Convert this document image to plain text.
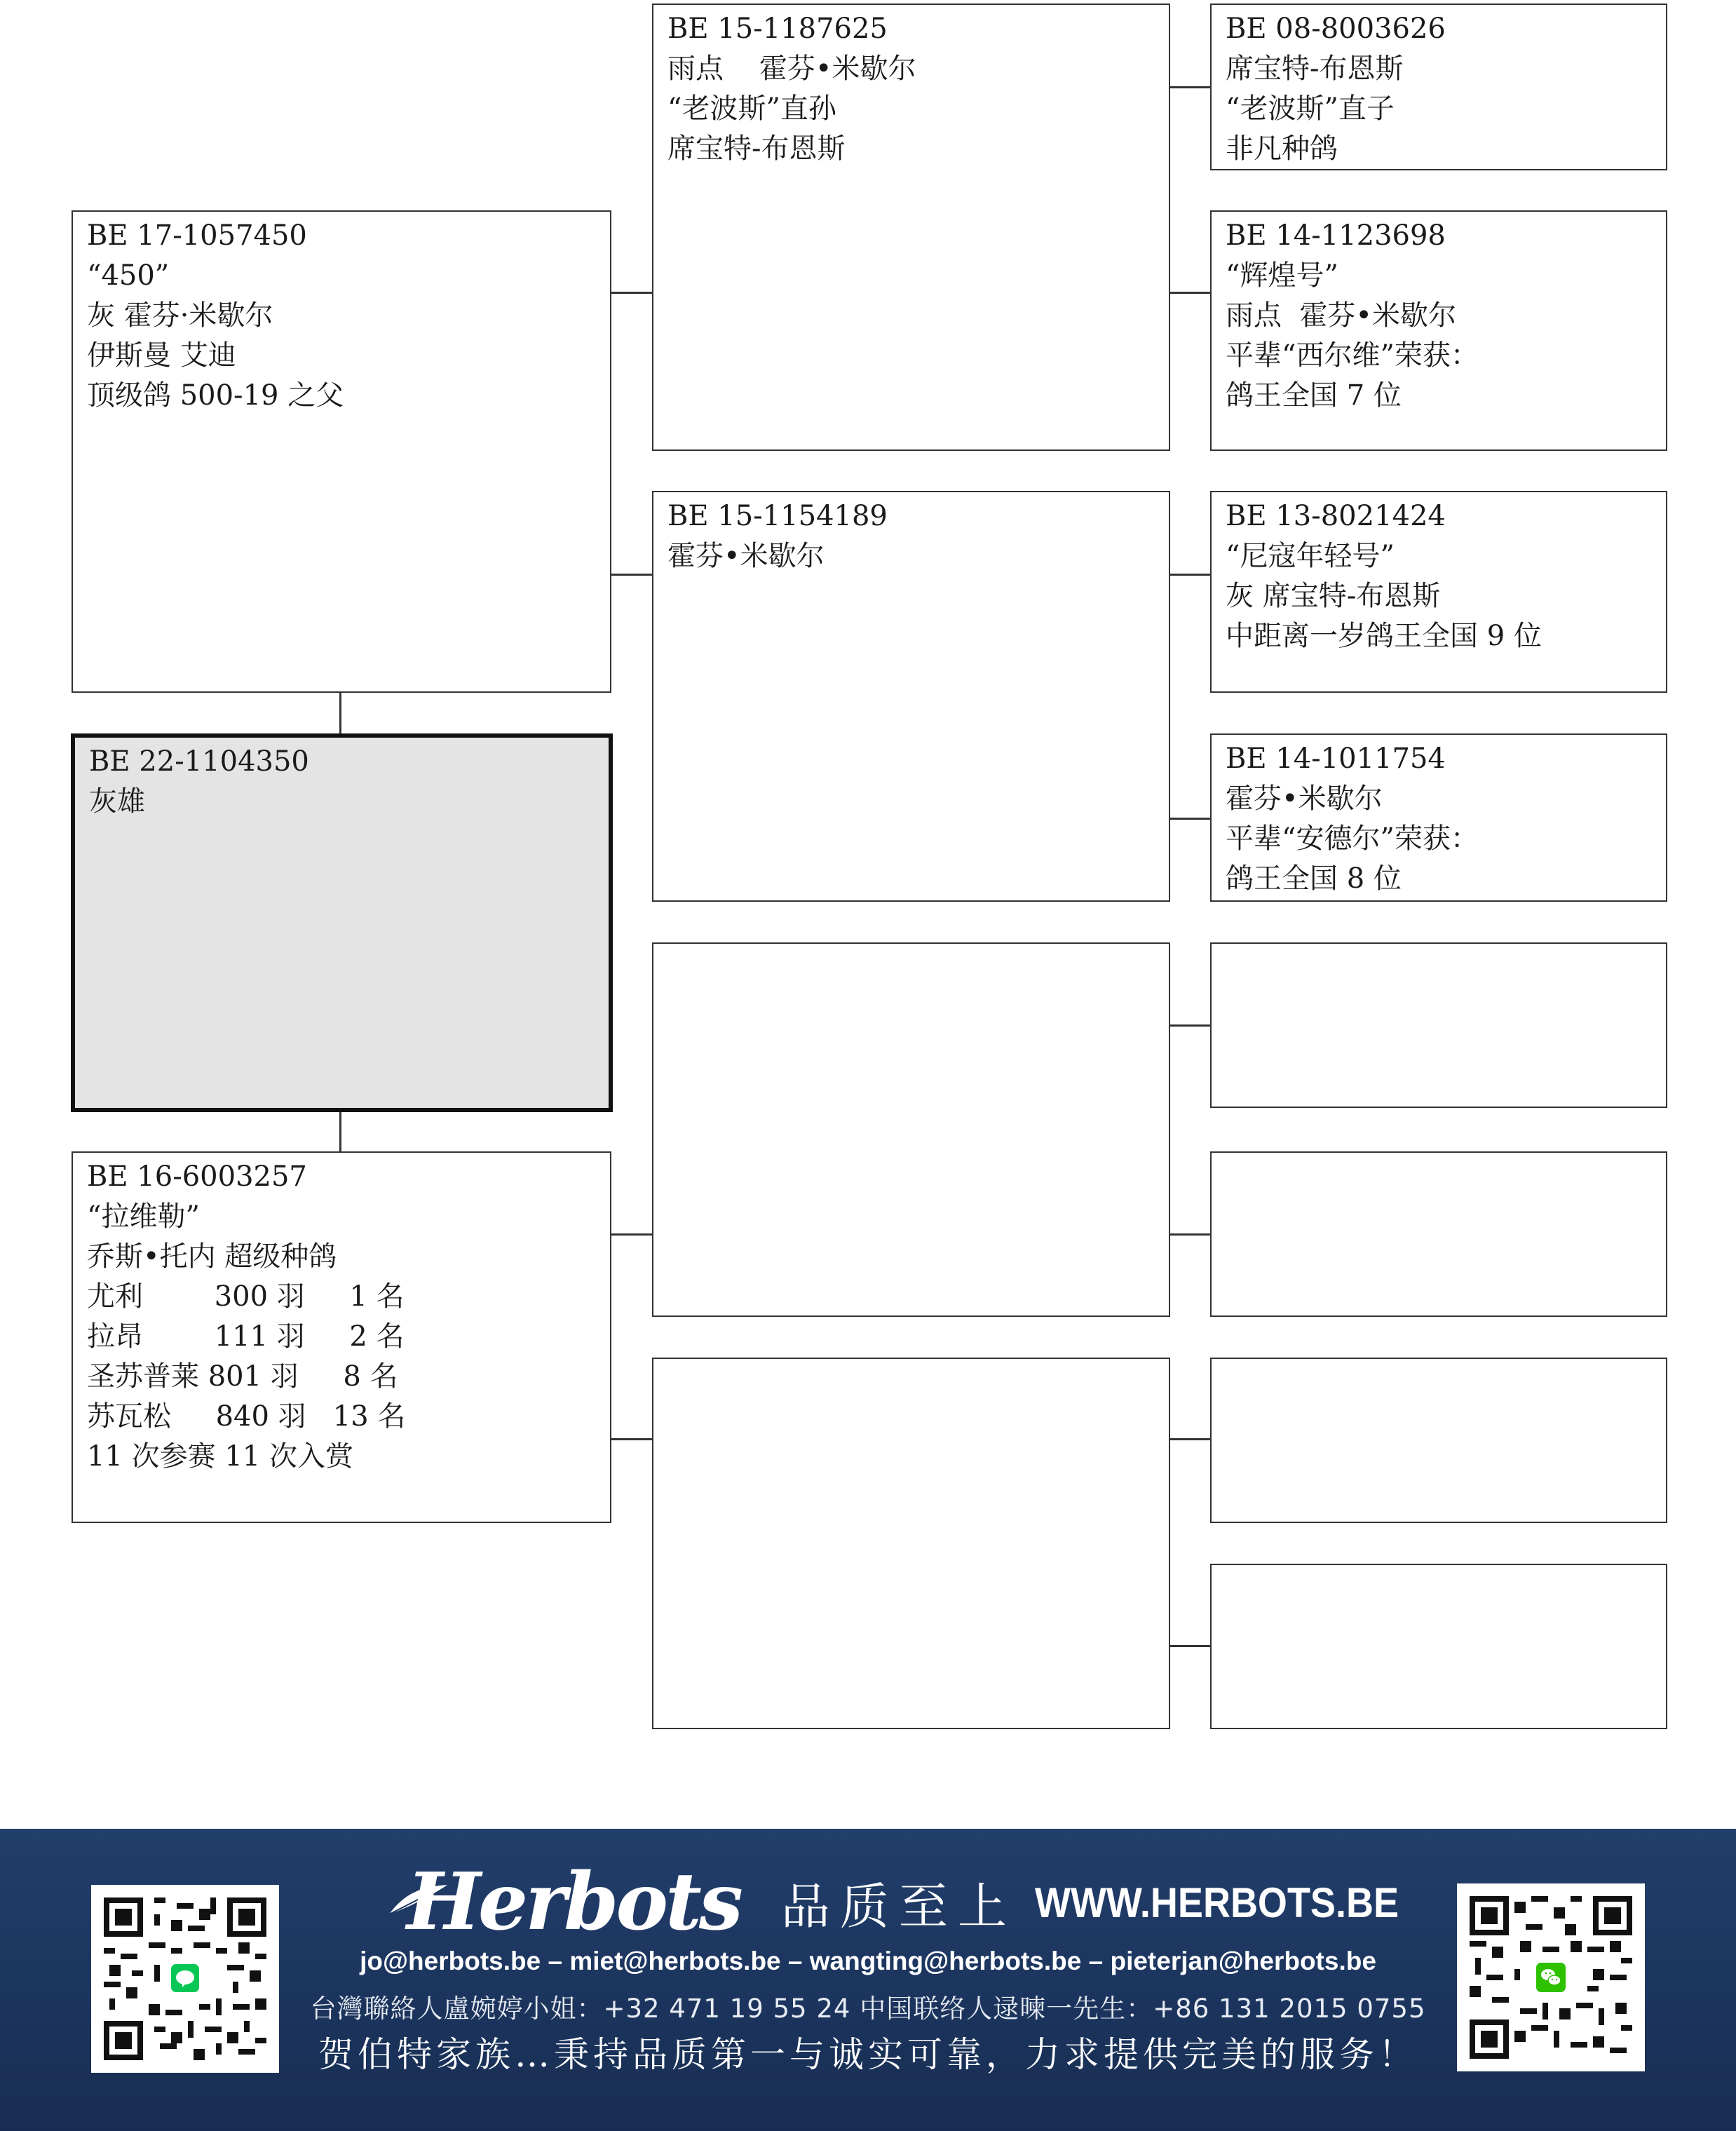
BE 17-1057450
“450”
灰 霍芬·米歇尔
伊斯曼 艾迪
顶级鸽 500-19 之父
BE 22-1104350
灰雄
BE 16-6003257
“拉维勒”
乔斯•托内 超级种鸽
尤利        300 羽     1 名
拉昂        111 羽     2 名
圣苏普莱 801 羽     8 名
苏瓦松     840 羽   13 名
11 次参赛 11 次入赏
BE 15-1187625
雨点    霍芬•米歇尔
“老波斯”直孙
席宝特-布恩斯
BE 15-1154189
霍芬•米歇尔
BE 08-8003626
席宝特-布恩斯
“老波斯”直子
非凡种鸽
BE 14-1123698
“辉煌号”
雨点  霍芬•米歇尔
平辈“西尔维”荣获：
鸽王全国 7 位
BE 13-8021424
“尼寇年轻号”
灰 席宝特-布恩斯
中距离一岁鸽王全国 9 位
BE 14-1011754
霍芬•米歇尔
平辈“安德尔”荣获：
鸽王全国 8 位
Herbots 品质至上 WWW.HERBOTS.BE
jo@herbots.be – miet@herbots.be – wangting@herbots.be – pieterjan@herbots.be
台灣聯絡人盧婉婷小姐：+32 471 19 55 24 中国联络人逯暕一先生：+86 131 2015 0755
贺伯特家族…秉持品质第一与诚实可靠，力求提供完美的服务！
